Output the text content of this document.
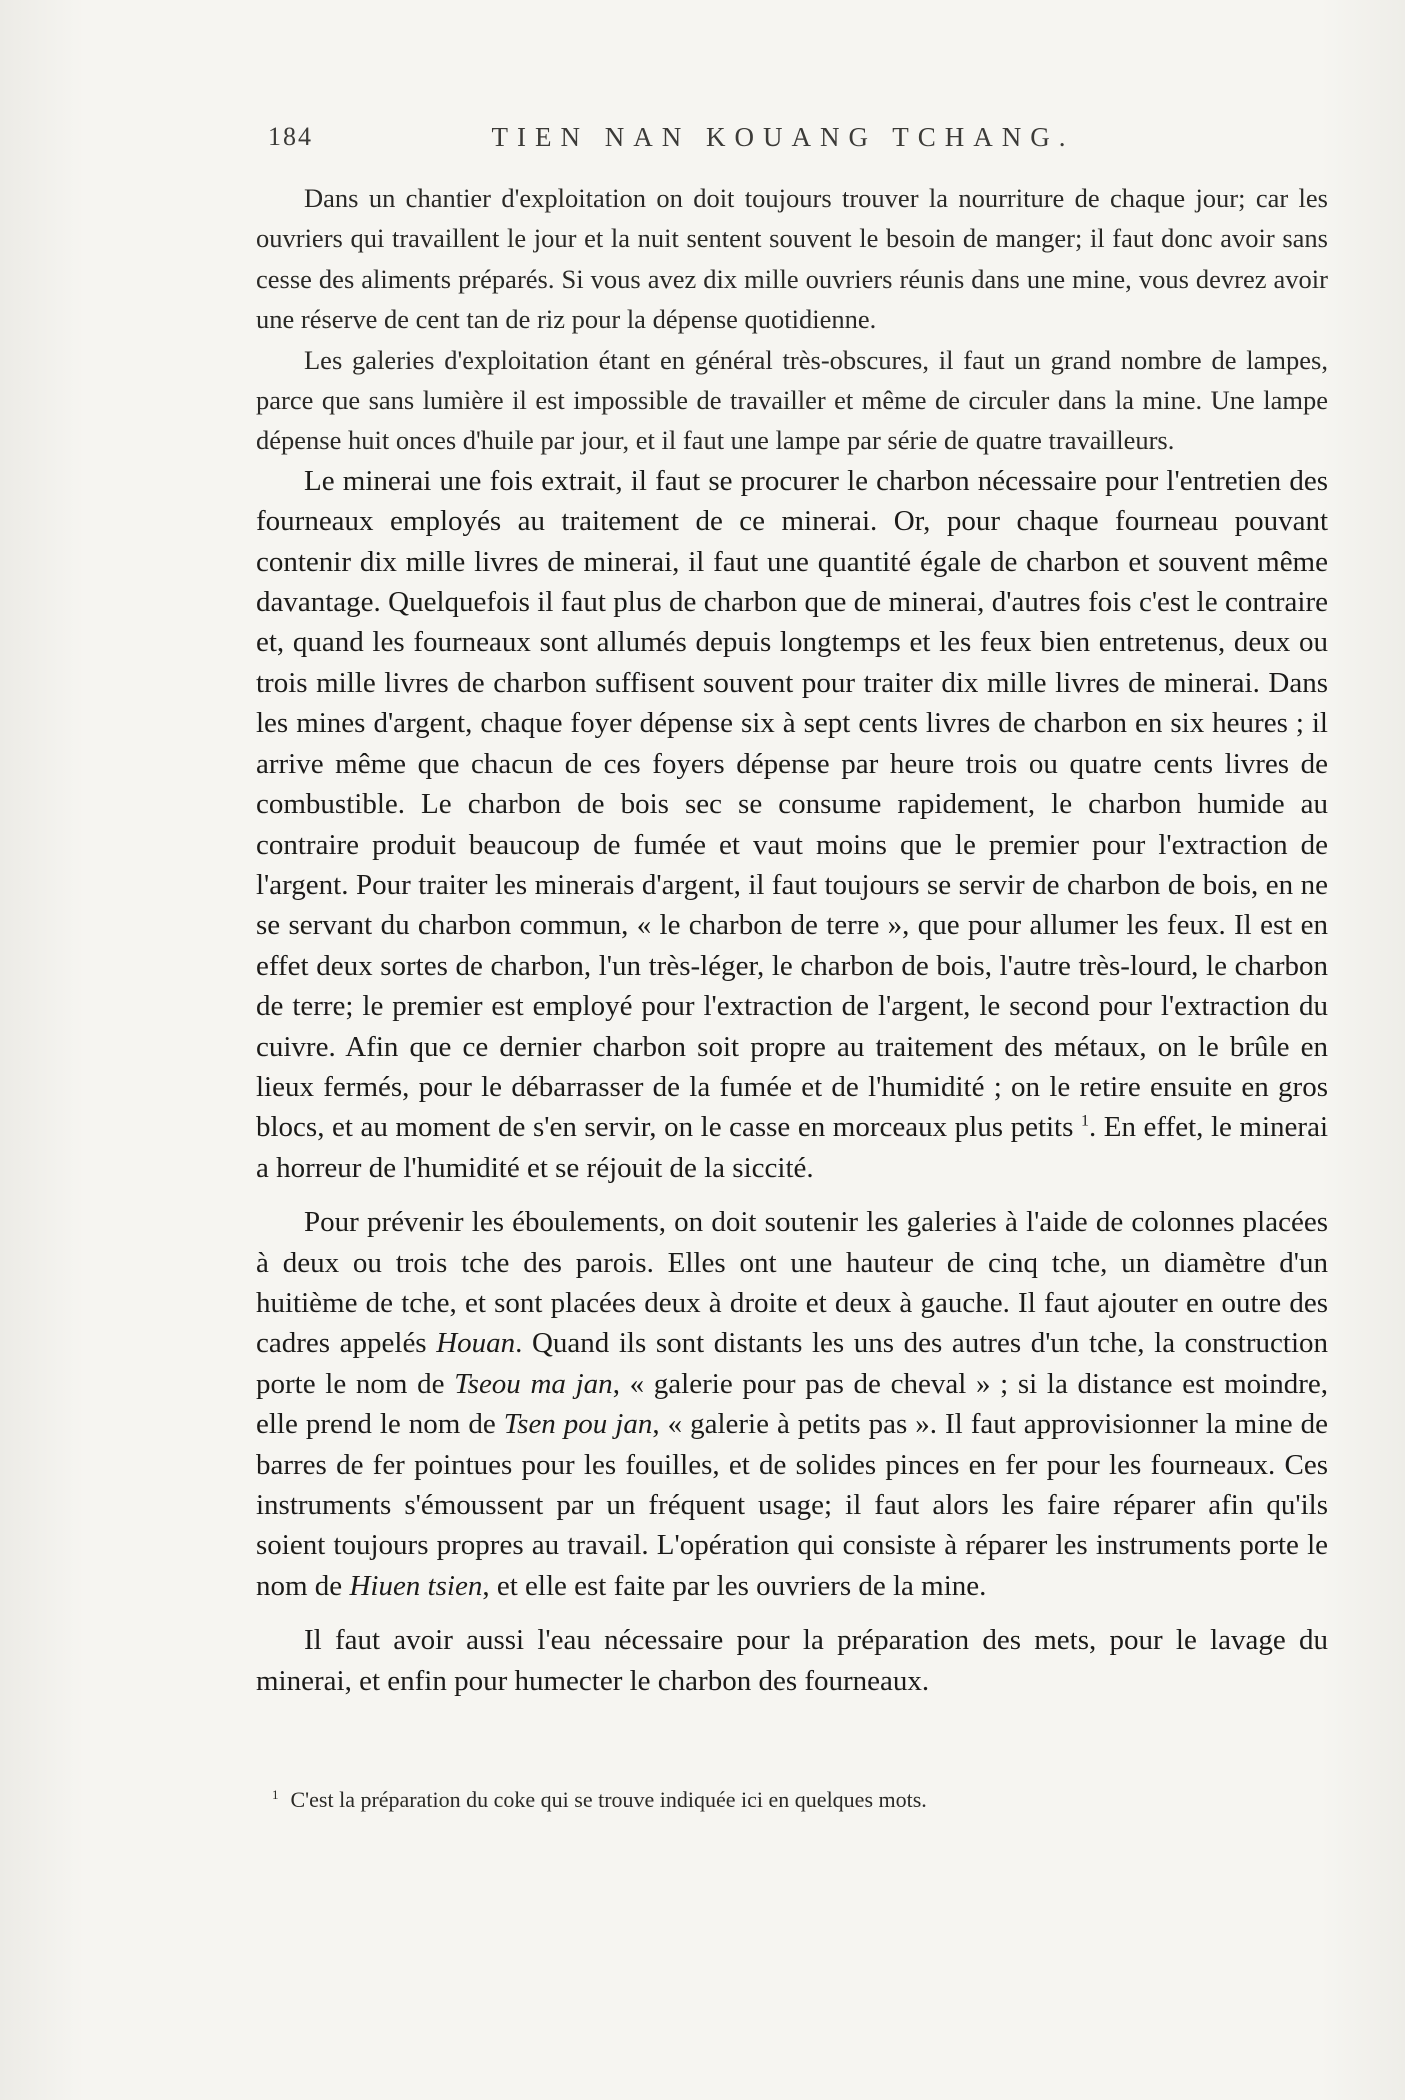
184	TIEN NAN KOUANG TCHANG.

Dans un chantier d'exploitation on doit toujours trouver la nourriture de chaque jour; car les ouvriers qui travaillent le jour et la nuit sentent souvent le besoin de manger; il faut donc avoir sans cesse des aliments préparés. Si vous avez dix mille ouvriers réunis dans une mine, vous devrez avoir une réserve de cent tan de riz pour la dépense quotidienne.

Les galeries d'exploitation étant en général très-obscures, il faut un grand nombre de lampes, parce que sans lumière il est impossible de travailler et même de circuler dans la mine. Une lampe dépense huit onces d'huile par jour, et il faut une lampe par série de quatre travailleurs.

Le minerai une fois extrait, il faut se procurer le charbon nécessaire pour l'entretien des fourneaux employés au traitement de ce minerai. Or, pour chaque fourneau pouvant contenir dix mille livres de minerai, il faut une quantité égale de charbon et souvent même davantage. Quelquefois il faut plus de charbon que de minerai, d'autres fois c'est le contraire et, quand les fourneaux sont allumés depuis longtemps et les feux bien entretenus, deux ou trois mille livres de charbon suffisent souvent pour traiter dix mille livres de minerai. Dans les mines d'argent, chaque foyer dépense six à sept cents livres de charbon en six heures ; il arrive même que chacun de ces foyers dépense par heure trois ou quatre cents livres de combustible. Le charbon de bois sec se consume rapidement, le charbon humide au contraire produit beaucoup de fumée et vaut moins que le premier pour l'extraction de l'argent. Pour traiter les minerais d'argent, il faut toujours se servir de charbon de bois, en ne se servant du charbon commun, « le charbon de terre », que pour allumer les feux. Il est en effet deux sortes de charbon, l'un très-léger, le charbon de bois, l'autre très-lourd, le charbon de terre; le premier est employé pour l'extraction de l'argent, le second pour l'extraction du cuivre. Afin que ce dernier charbon soit propre au traitement des métaux, on le brûle en lieux fermés, pour le débarrasser de la fumée et de l'humidité ; on le retire ensuite en gros blocs, et au moment de s'en servir, on le casse en morceaux plus petits $^1$. En effet, le minerai a horreur de l'humidité et se réjouit de la siccité.

Pour prévenir les éboulements, on doit soutenir les galeries à l'aide de colonnes placées à deux ou trois tche des parois. Elles ont une hauteur de cinq tche, un diamètre d'un huitième de tche, et sont placées deux à droite et deux à gauche. Il faut ajouter en outre des cadres appelés Houan. Quand ils sont distants les uns des autres d'un tche, la construction porte le nom de Tseou ma jan, « galerie pour pas de cheval » ; si la distance est moindre, elle prend le nom de Tsen pou jan, « galerie à petits pas ». Il faut approvisionner la mine de barres de fer pointues pour les fouilles, et de solides pinces en fer pour les fourneaux. Ces instruments s'émoussent par un fréquent usage; il faut alors les faire réparer afin qu'ils soient toujours propres au travail. L'opération qui consiste à réparer les instruments porte le nom de Hiuen tsien, et elle est faite par les ouvriers de la mine.

Il faut avoir aussi l'eau nécessaire pour la préparation des mets, pour le lavage du minerai, et enfin pour humecter le charbon des fourneaux.

$^1$ C'est la préparation du coke qui se trouve indiquée ici en quelques mots.
